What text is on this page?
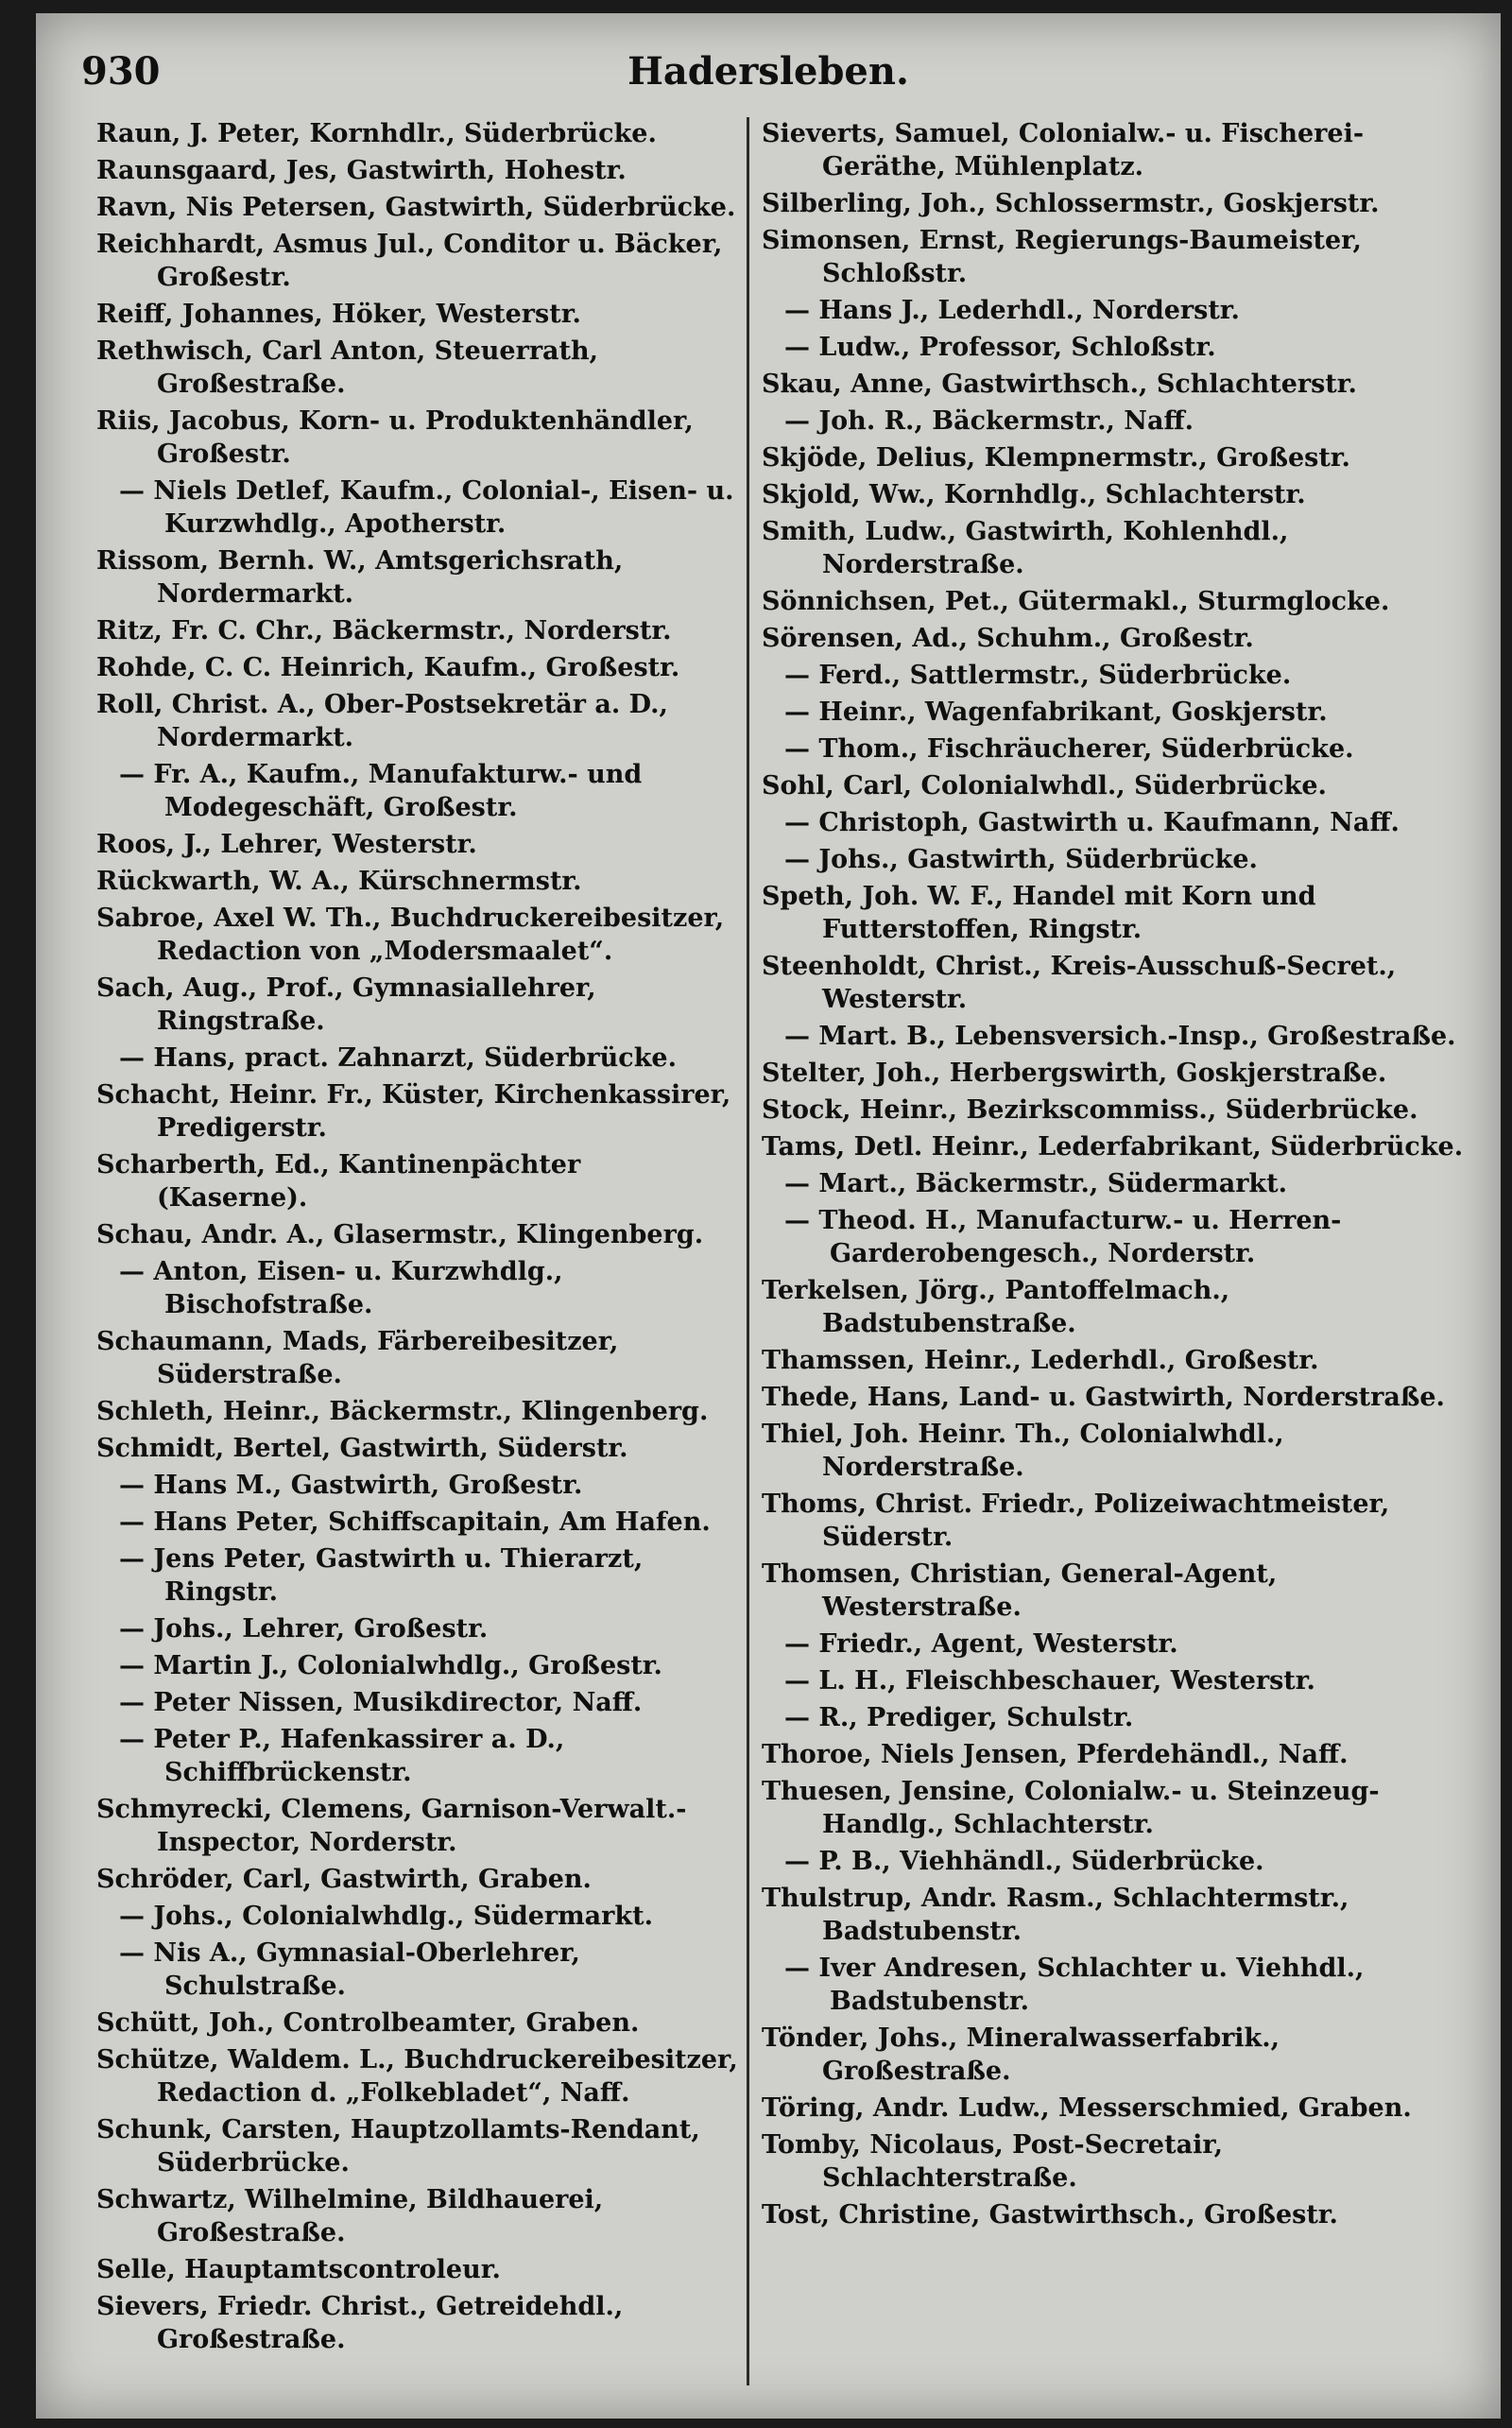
Hadersleben.
930

Raun, J. Peter, Kornhdlr., Süderbrücke.

Raunsgaard, Jes, Gastwirth, Hohestr.

Ravn, Nis Petersen, Gastwirth, Süderbrücke.

Reichhardt, Asmus Jul., Conditor u. Bäcker, Großestr.

Reiff, Johannes, Höker, Westerstr.

Rethwisch, Carl Anton, Steuerrath, Großestraße.

Riis, Jacobus, Korn- u. Produktenhändler, Großestr.

— Niels Detlef, Kaufm., Colonial-, Eisen- u. Kurzwhdlg., Apotherstr.

Rissom, Bernh. W., Amtsgerichsrath, Nordermarkt.

Ritz, Fr. C. Chr., Bäckermstr., Norderstr.

Rohde, C. C. Heinrich, Kaufm., Großestr.

Roll, Christ. A., Ober-Postsekretär a. D., Nordermarkt.

— Fr. A., Kaufm., Manufakturw.- und Modegeschäft, Großestr.

Roos, J., Lehrer, Westerstr.

Rückwarth, W. A., Kürschnermstr.

Sabroe, Axel W. Th., Buchdruckereibesitzer, Redaction von „Modersmaalet“.

Sach, Aug., Prof., Gymnasiallehrer, Ringstraße.

— Hans, pract. Zahnarzt, Süderbrücke.

Schacht, Heinr. Fr., Küster, Kirchenkassirer, Predigerstr.

Scharberth, Ed., Kantinenpächter (Kaserne).

Schau, Andr. A., Glasermstr., Klingenberg.

— Anton, Eisen- u. Kurzwhdlg., Bischofstraße.

Schaumann, Mads, Färbereibesitzer, Süderstraße.

Schleth, Heinr., Bäckermstr., Klingenberg.

Schmidt, Bertel, Gastwirth, Süderstr.

— Hans M., Gastwirth, Großestr.

— Hans Peter, Schiffscapitain, Am Hafen.

— Jens Peter, Gastwirth u. Thierarzt, Ringstr.

— Johs., Lehrer, Großestr.

— Martin J., Colonialwhdlg., Großestr.

— Peter Nissen, Musikdirector, Naff.

— Peter P., Hafenkassirer a. D., Schiffbrückenstr.

Schmyrecki, Clemens, Garnison-Verwalt.-Inspector, Norderstr.

Schröder, Carl, Gastwirth, Graben.

— Johs., Colonialwhdlg., Südermarkt.

— Nis A., Gymnasial-Oberlehrer, Schulstraße.

Schütt, Joh., Controlbeamter, Graben.

Schütze, Waldem. L., Buchdruckereibesitzer, Redaction d. „Folkebladet“, Naff.

Schunk, Carsten, Hauptzollamts-Rendant, Süderbrücke.

Schwartz, Wilhelmine, Bildhauerei, Großestraße.

Selle, Hauptamtscontroleur.

Sievers, Friedr. Christ., Getreidehdl., Großestraße.

Sieverts, Samuel, Colonialw.- u. Fischerei-Geräthe, Mühlenplatz.

Silberling, Joh., Schlossermstr., Goskjerstr.

Simonsen, Ernst, Regierungs-Baumeister, Schloßstr.

— Hans J., Lederhdl., Norderstr.

— Ludw., Professor, Schloßstr.

Skau, Anne, Gastwirthsch., Schlachterstr.

— Joh. R., Bäckermstr., Naff.

Skjöde, Delius, Klempnermstr., Großestr.

Skjold, Ww., Kornhdlg., Schlachterstr.

Smith, Ludw., Gastwirth, Kohlenhdl., Norderstraße.

Sönnichsen, Pet., Gütermakl., Sturmglocke.

Sörensen, Ad., Schuhm., Großestr.

— Ferd., Sattlermstr., Süderbrücke.

— Heinr., Wagenfabrikant, Goskjerstr.

— Thom., Fischräucherer, Süderbrücke.

Sohl, Carl, Colonialwhdl., Süderbrücke.

— Christoph, Gastwirth u. Kaufmann, Naff.

— Johs., Gastwirth, Süderbrücke.

Speth, Joh. W. F., Handel mit Korn und Futterstoffen, Ringstr.

Steenholdt, Christ., Kreis-Ausschuß-Secret., Westerstr.

— Mart. B., Lebensversich.-Insp., Großestraße.

Stelter, Joh., Herbergswirth, Goskjerstraße.

Stock, Heinr., Bezirkscommiss., Süderbrücke.

Tams, Detl. Heinr., Lederfabrikant, Süderbrücke.

— Mart., Bäckermstr., Südermarkt.

— Theod. H., Manufacturw.- u. Herren-Garderobengesch., Norderstr.

Terkelsen, Jörg., Pantoffelmach., Badstubenstraße.

Thamssen, Heinr., Lederhdl., Großestr.

Thede, Hans, Land- u. Gastwirth, Norderstraße.

Thiel, Joh. Heinr. Th., Colonialwhdl., Norderstraße.

Thoms, Christ. Friedr., Polizeiwachtmeister, Süderstr.

Thomsen, Christian, General-Agent, Westerstraße.

— Friedr., Agent, Westerstr.

— L. H., Fleischbeschauer, Westerstr.

— R., Prediger, Schulstr.

Thoroe, Niels Jensen, Pferdehändl., Naff.

Thuesen, Jensine, Colonialw.- u. Steinzeug-Handlg., Schlachterstr.

— P. B., Viehhändl., Süderbrücke.

Thulstrup, Andr. Rasm., Schlachtermstr., Badstubenstr.

— Iver Andresen, Schlachter u. Viehhdl., Badstubenstr.

Tönder, Johs., Mineralwasserfabrik., Großestraße.

Töring, Andr. Ludw., Messerschmied, Graben.

Tomby, Nicolaus, Post-Secretair, Schlachterstraße.

Tost, Christine, Gastwirthsch., Großestr.
